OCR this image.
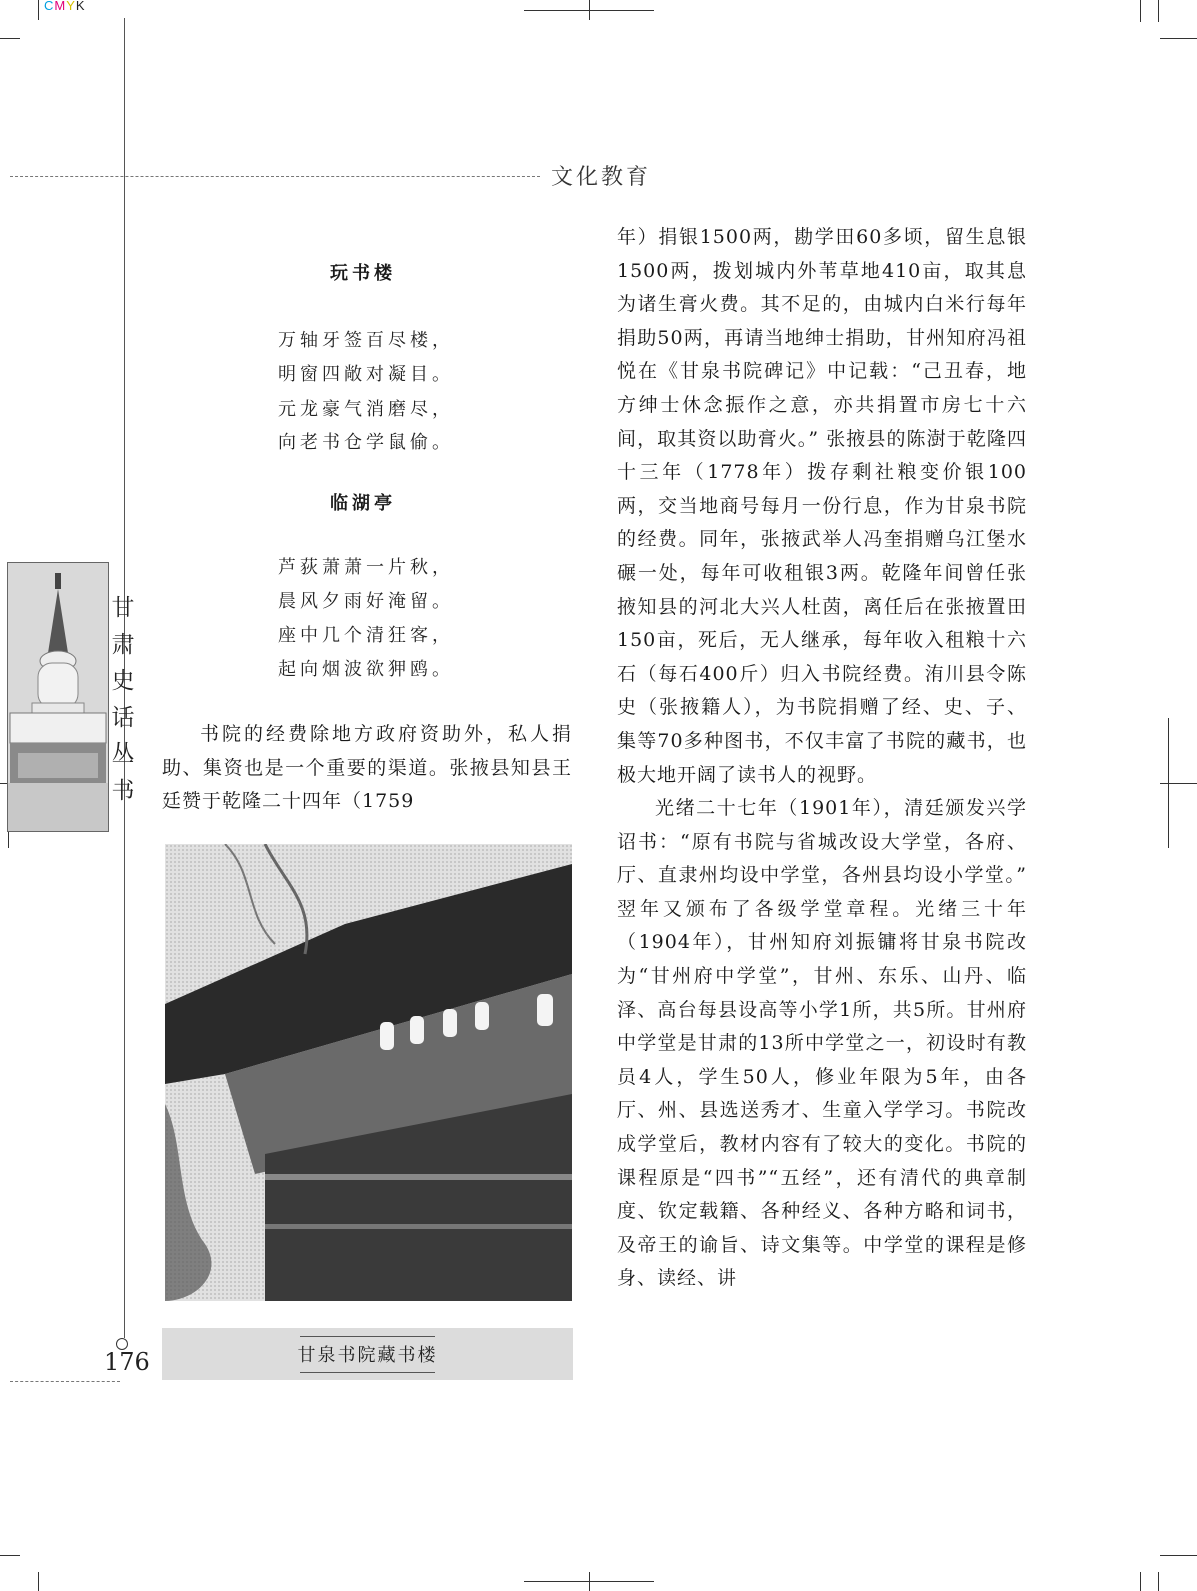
CMYK
文化教育
甘
肃
史
话
丛
书
176
玩书楼
万轴牙签百尽楼，
明窗四敞对凝目。
元龙豪气消磨尽，
向老书仓学鼠偷。
临湖亭
芦荻萧萧一片秋，
晨风夕雨好淹留。
座中几个清狂客，
起向烟波欲狎鸥。

书院的经费除地方政府资助外，私人捐助、集资也是一个重要的渠道。张掖县知县王廷赞于乾隆二十四年（1759

甘泉书院藏书楼

年）捐银1500两，勘学田60多顷，留生息银1500两，拨划城内外苇草地410亩，取其息为诸生膏火费。其不足的，由城内白米行每年捐助50两，再请当地绅士捐助，甘州知府冯祖悦在《甘泉书院碑记》中记载：“己丑春，地方绅士休念振作之意，亦共捐置市房七十六间，取其资以助膏火。” 张掖县的陈澍于乾隆四十三年（1778年）拨存剩社粮变价银100两，交当地商号每月一份行息，作为甘泉书院的经费。同年，张掖武举人冯奎捐赠乌江堡水碾一处，每年可收租银3两。乾隆年间曾任张掖知县的河北大兴人杜茵，离任后在张掖置田150亩，死后，无人继承，每年收入租粮十六石（每石400斤）归入书院经费。洧川县令陈史（张掖籍人），为书院捐赠了经、史、子、集等70多种图书，不仅丰富了书院的藏书，也极大地开阔了读书人的视野。

光绪二十七年（1901年），清廷颁发兴学诏书：“原有书院与省城改设大学堂，各府、厅、直隶州均设中学堂，各州县均设小学堂。” 翌年又颁布了各级学堂章程。光绪三十年（1904年），甘州知府刘振镛将甘泉书院改为“甘州府中学堂”，甘州、东乐、山丹、临泽、高台每县设高等小学1所，共5所。甘州府中学堂是甘肃的13所中学堂之一，初设时有教员4人，学生50人，修业年限为5年，由各厅、州、县选送秀才、生童入学学习。书院改成学堂后，教材内容有了较大的变化。书院的课程原是“四书”“五经”，还有清代的典章制度、钦定载籍、各种经义、各种方略和词书，及帝王的谕旨、诗文集等。中学堂的课程是修身、读经、讲
